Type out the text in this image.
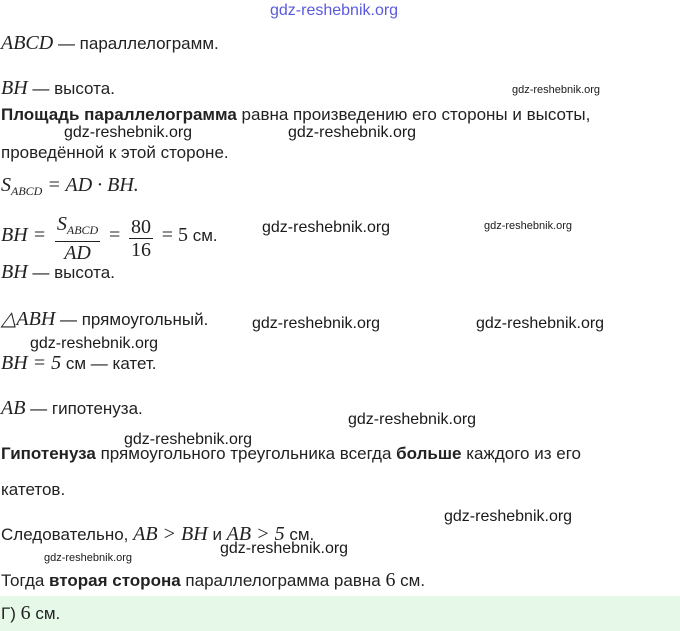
gdz-reshebnik.org
ABCD — параллелограмм.
BH — высота.	gdz-reshebnik.org
Площадь параллелограмма равна произведению его стороны и высоты,
gdz-reshebnik.org	gdz-reshebnik.org
проведённой к этой стороне.
$S_{ABCD}$ = AD · BH.
BH = $\frac{S_{ABCD}}{AD} = \frac{80}{16} = 5$ см.	gdz-reshebnik.org	gdz-reshebnik.org
BH — высота.
△ABH — прямоугольный.	gdz-reshebnik.org	gdz-reshebnik.org
gdz-reshebnik.org
BH = 5 см — катет.
AB — гипотенуза.
gdz-reshebnik.org
gdz-reshebnik.org
Гипотенуза прямоугольного треугольника всегда больше каждого из его
катетов.
gdz-reshebnik.org
Следовательно, AB > BH и AB > 5 см.
gdz-reshebnik.org
gdz-reshebnik.org
Тогда вторая сторона параллелограмма равна 6 см.
Г) 6 см.
